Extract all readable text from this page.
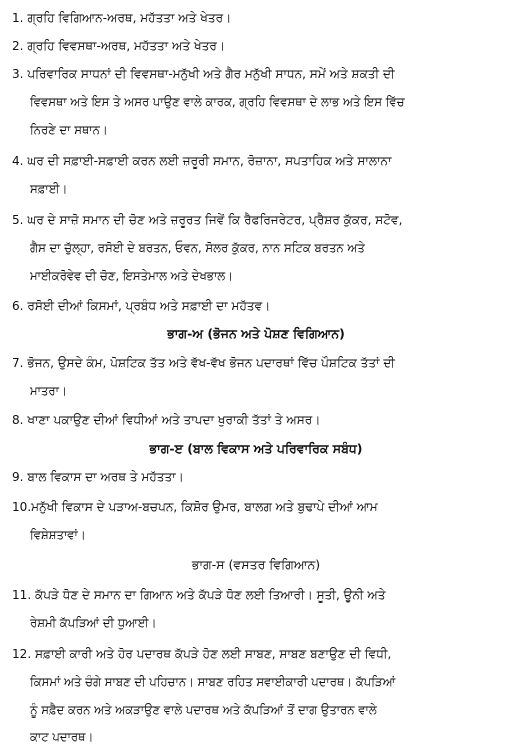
1. ਗ੍ਰਹਿ ਵਿਗਿਆਨ-ਅਰਥ, ਮਹੱਤਤਾ ਅਤੇ ਖੇਤਰ।
2. ਗ੍ਰਹਿ ਵਿਵਸਥਾ-ਅਰਥ, ਮਹੱਤਤਾ ਅਤੇ ਖੇਤਰ।
3. ਪਰਿਵਾਰਿਕ ਸਾਧਨਾਂ ਦੀ ਵਿਵਸਥਾ-ਮਨੁੱਖੀ ਅਤੇ ਗੈਰ ਮਨੁੱਖੀ ਸਾਧਨ, ਸਮੇਂ ਅਤੇ ਸ਼ਕਤੀ ਦੀ
ਵਿਵਸਥਾ ਅਤੇ ਇਸ ਤੇ ਅਸਰ ਪਾਉਣ ਵਾਲੇ ਕਾਰਕ, ਗ੍ਰਹਿ ਵਿਵਸਥਾ ਦੇ ਲਾਭ ਅਤੇ ਇਸ ਵਿੱਚ
ਨਿਰਣੇ ਦਾ ਸਥਾਨ।
4. ਘਰ ਦੀ ਸਫ਼ਾਈ-ਸਫ਼ਾਈ ਕਰਨ ਲਈ ਜ਼ਰੂਰੀ ਸਮਾਨ, ਰੋਜ਼ਾਨਾ, ਸਪਤਾਹਿਕ ਅਤੇ ਸਾਲਾਨਾ
ਸਫ਼ਾਈ।
5. ਘਰ ਦੇ ਸਾਜ਼ੋ ਸਮਾਨ ਦੀ ਚੋਣ ਅਤੇ ਜ਼ਰੂਰਤ ਜਿਵੇਂ ਕਿ ਰੈਫਰਿਜਰੇਟਰ, ਪ੍ਰੈਸ਼ਰ ਕੁੱਕਰ, ਸਟੋਵ,
ਗੈਸ ਦਾ ਚੁੱਲ੍ਹਾ, ਰਸੋਈ ਦੇ ਬਰਤਨ, ਓਵਨ, ਸੋਲਰ ਕੁੱਕਰ, ਨਾਨ ਸਟਿਕ ਬਰਤਨ ਅਤੇ
ਮਾਈਕਰੋਵੇਵ ਦੀ ਚੋਣ, ਇਸਤੇਮਾਲ ਅਤੇ ਦੇਖਭਾਲ।
6. ਰਸੋਈ ਦੀਆਂ ਕਿਸਮਾਂ, ਪ੍ਰਬੰਧ ਅਤੇ ਸਫ਼ਾਈ ਦਾ ਮਹੱਤਵ।
ਭਾਗ-ਅ (ਭੋਜਨ ਅਤੇ ਪੋਸ਼ਣ ਵਿਗਿਆਨ)
7. ਭੋਜਨ, ਉਸਦੇ ਕੰਮ, ਪੋਸ਼ਟਿਕ ਤੱਤ ਅਤੇ ਵੱਖ-ਵੱਖ ਭੋਜਨ ਪਦਾਰਥਾਂ ਵਿੱਚ ਪੌਸ਼ਟਿਕ ਤੱਤਾਂ ਦੀ
ਮਾਤਰਾ।
8. ਖਾਣਾ ਪਕਾਉਣ ਦੀਆਂ ਵਿਧੀਆਂ ਅਤੇ ਤਾਪਦਾ ਖੁਰਾਕੀ ਤੱਤਾਂ ਤੇ ਅਸਰ।
ਭਾਗ-ੲ (ਬਾਲ ਵਿਕਾਸ ਅਤੇ ਪਰਿਵਾਰਿਕ ਸਬੰਧ)
9. ਬਾਲ ਵਿਕਾਸ ਦਾ ਅਰਥ ਤੇ ਮਹੱਤਤਾ।
10.ਮਨੁੱਖੀ ਵਿਕਾਸ ਦੇ ਪੜਾਅ-ਬਚਪਨ, ਕਿਸ਼ੋਰ ਉਮਰ, ਬਾਲਗ ਅਤੇ ਬੁਢਾਪੇ ਦੀਆਂ ਆਮ
ਵਿਸ਼ੇਸ਼ਤਾਵਾਂ।
ਭਾਗ-ਸ (ਵਸਤਰ ਵਿਗਿਆਨ)
11. ਕੱਪੜੇ ਧੋਣ ਦੇ ਸਮਾਨ ਦਾ ਗਿਆਨ ਅਤੇ ਕੱਪੜੇ ਧੋਣ ਲਈ ਤਿਆਰੀ। ਸੂਤੀ, ਊਨੀ ਅਤੇ
ਰੇਸ਼ਮੀ ਕੱਪੜਿਆਂ ਦੀ ਧੁਆਈ।
12. ਸਫ਼ਾਈ ਕਾਰੀ ਅਤੇ ਹੋਰ ਪਦਾਰਥ ਕੱਪੜੇ ਹੋਣ ਲਈ ਸਾਬਣ, ਸਾਬਣ ਬਣਾਉਣ ਦੀ ਵਿਧੀ,
ਕਿਸਮਾਂ ਅਤੇ ਚੰਗੇ ਸਾਬਣ ਦੀ ਪਹਿਚਾਨ। ਸਾਬਣ ਰਹਿਤ ਸਵਾਈਕਾਰੀ ਪਦਾਰਥ। ਕੱਪੜਿਆਂ
ਨੂੰ ਸਫ਼ੈਦ ਕਰਨ ਅਤੇ ਅਕੜਾਉਣ ਵਾਲੇ ਪਦਾਰਥ ਅਤੇ ਕੱਪੜਿਆਂ ਤੋਂ ਦਾਗ ਉਤਾਰਨ ਵਾਲੇ
ਕਾਟ ਪਦਾਰਥ।
